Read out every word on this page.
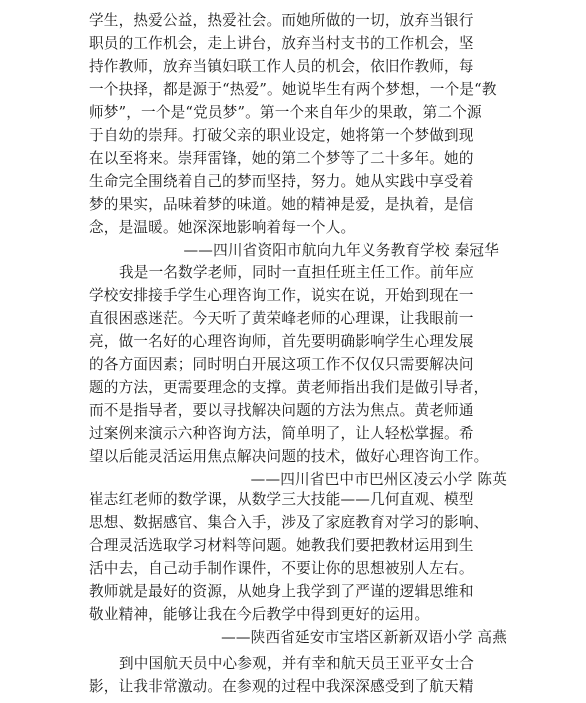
学生，热爱公益，热爱社会。而她所做的一切，放弃当银行
职员的工作机会，走上讲台，放弃当村支书的工作机会，坚
持作教师，放弃当镇妇联工作人员的机会，依旧作教师，每
一个抉择，都是源于“热爱”。她说毕生有两个梦想，一个是“教
师梦”，一个是“党员梦”。第一个来自年少的果敢，第二个源
于自幼的崇拜。打破父亲的职业设定，她将第一个梦做到现
在以至将来。崇拜雷锋，她的第二个梦等了二十多年。她的
生命完全围绕着自己的梦而坚持，努力。她从实践中享受着
梦的果实，品味着梦的味道。她的精神是爱，是执着，是信
念，是温暖。她深深地影响着每一个人。
——四川省资阳市航向九年义务教育学校 秦冠华
我是一名数学老师，同时一直担任班主任工作。前年应
学校安排接手学生心理咨询工作，说实在说，开始到现在一
直很困惑迷茫。今天听了黄荣峰老师的心理课，让我眼前一
亮，做一名好的心理咨询师，首先要明确影响学生心理发展
的各方面因素；同时明白开展这项工作不仅仅只需要解决问
题的方法，更需要理念的支撑。黄老师指出我们是做引导者，
而不是指导者，要以寻找解决问题的方法为焦点。黄老师通
过案例来演示六种咨询方法，简单明了，让人轻松掌握。希
望以后能灵活运用焦点解决问题的技术，做好心理咨询工作。
——四川省巴中市巴州区凌云小学 陈英
崔志红老师的数学课，从数学三大技能——几何直观、模型
思想、数据感官、集合入手，涉及了家庭教育对学习的影响、
合理灵活选取学习材料等问题。她教我们要把教材运用到生
活中去，自己动手制作课件，不要让你的思想被别人左右。
教师就是最好的资源，从她身上我学到了严谨的逻辑思维和
敬业精神，能够让我在今后教学中得到更好的运用。
——陕西省延安市宝塔区新新双语小学 高燕
到中国航天员中心参观，并有幸和航天员王亚平女士合
影，让我非常激动。在参观的过程中我深深感受到了航天精
